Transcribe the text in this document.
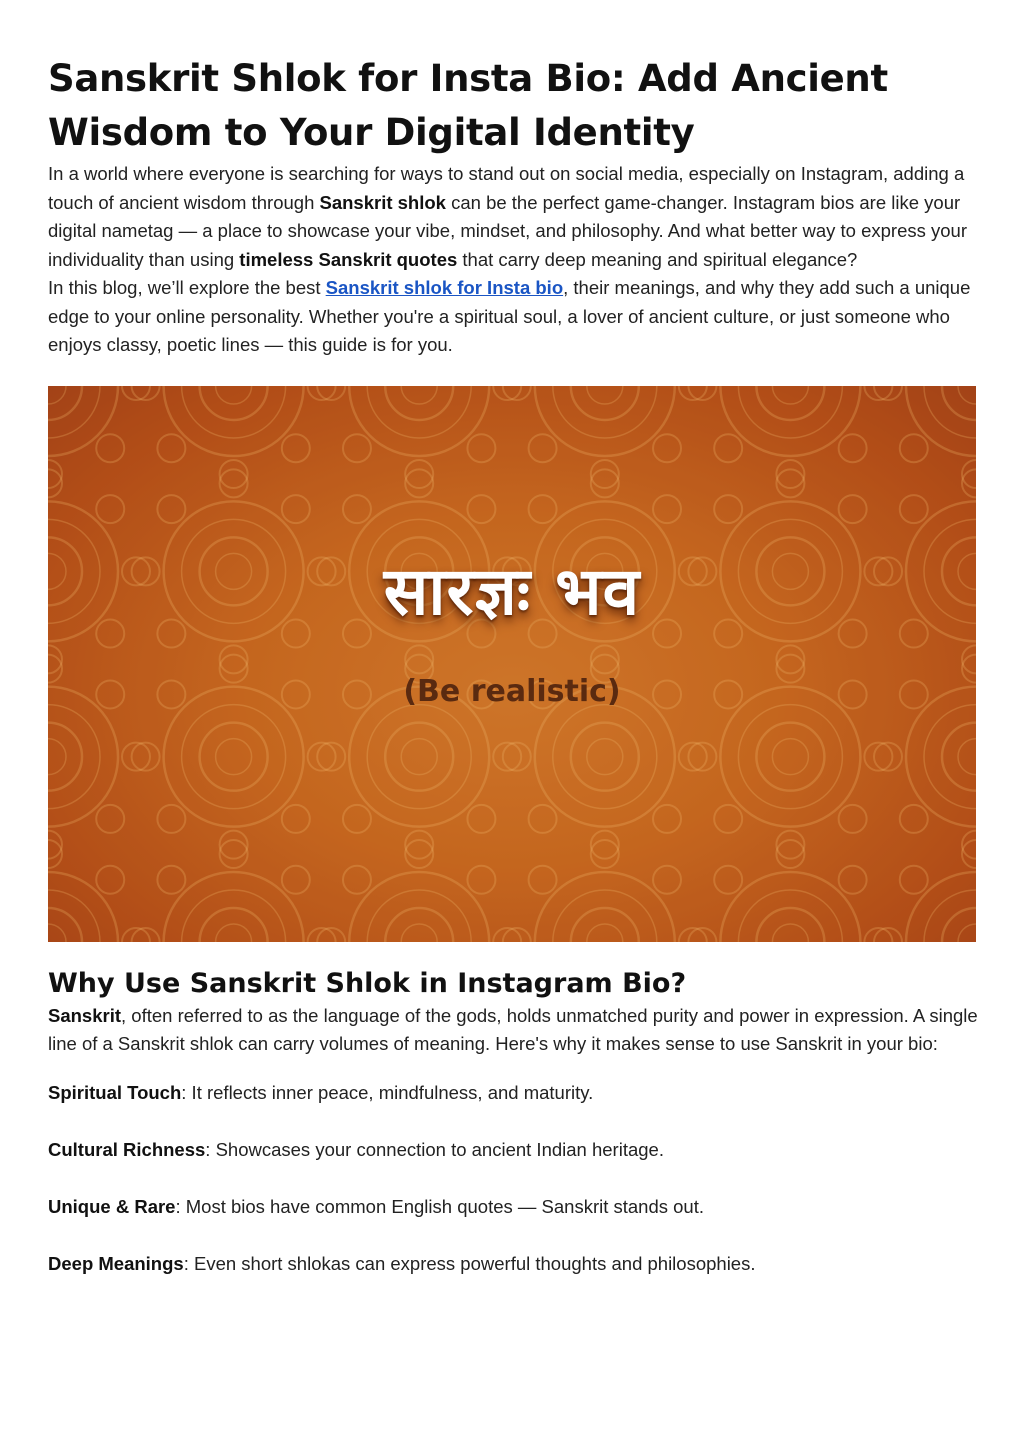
Sanskrit Shlok for Insta Bio: Add Ancient Wisdom to Your Digital Identity

In a world where everyone is searching for ways to stand out on social media, especially on Instagram, adding a touch of ancient wisdom through Sanskrit shlok can be the perfect game-changer. Instagram bios are like your digital nametag — a place to showcase your vibe, mindset, and philosophy. And what better way to express your individuality than using timeless Sanskrit quotes that carry deep meaning and spiritual elegance?

In this blog, we’ll explore the best Sanskrit shlok for Insta bio, their meanings, and why they add such a unique edge to your online personality. Whether you're a spiritual soul, a lover of ancient culture, or just someone who enjoys classy, poetic lines — this guide is for you.

सारज्ञः भव
(Be realistic)
Why Use Sanskrit Shlok in Instagram Bio?

Sanskrit, often referred to as the language of the gods, holds unmatched purity and power in expression. A single line of a Sanskrit shlok can carry volumes of meaning. Here's why it makes sense to use Sanskrit in your bio:

Spiritual Touch: It reflects inner peace, mindfulness, and maturity.

Cultural Richness: Showcases your connection to ancient Indian heritage.

Unique & Rare: Most bios have common English quotes — Sanskrit stands out.

Deep Meanings: Even short shlokas can express powerful thoughts and philosophies.
